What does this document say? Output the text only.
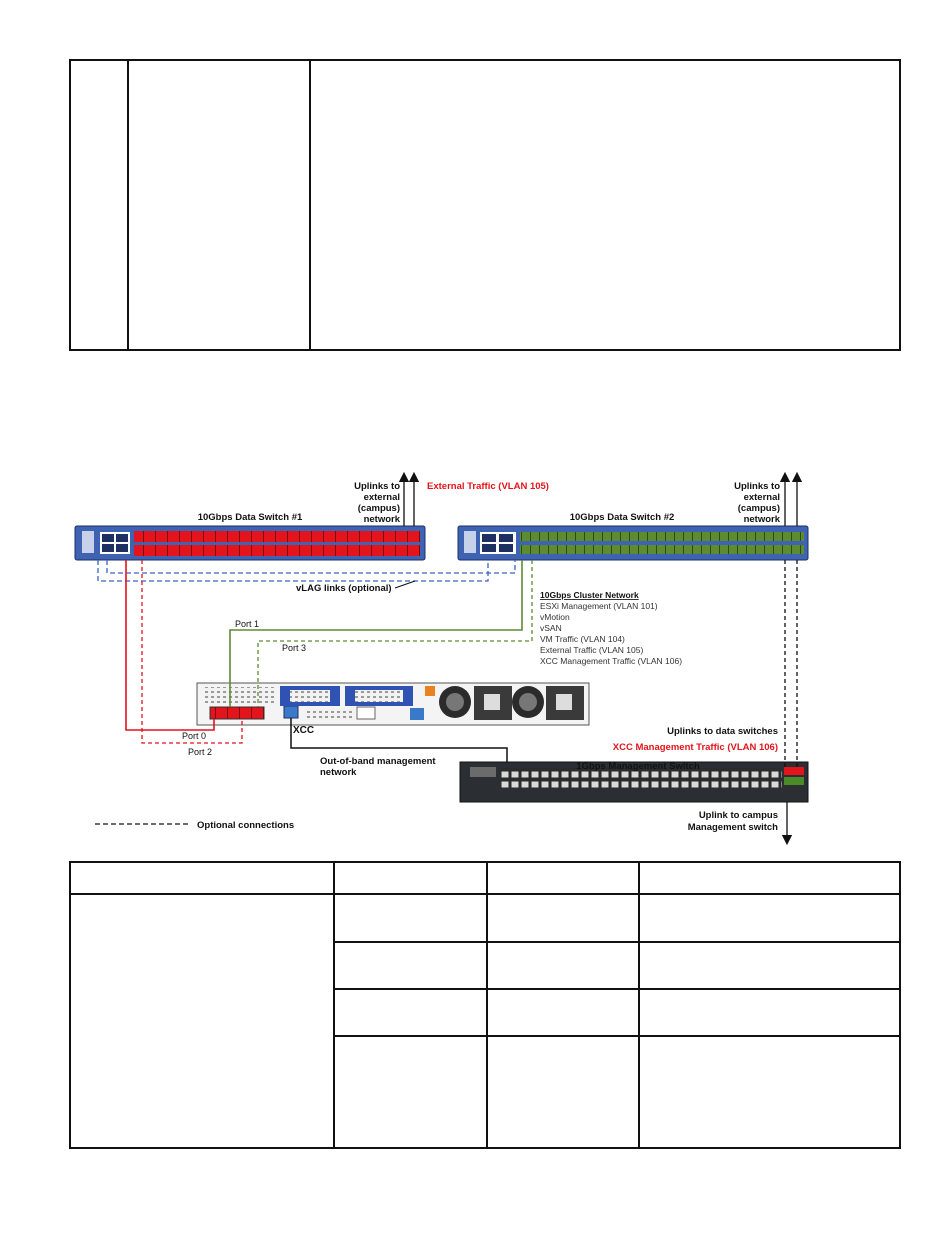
Uplinks to
external
(campus)
network
Uplinks to
external
(campus)
network
10Gbps Data Switch #1	10Gbps Data Switch #2
External Traffic (VLAN 105)
vLAG links (optional)
1Gbps Management Switch
XCC
Out-of-band management
network
Uplinks to data switches
XCC Management Traffic (VLAN 106)
Uplink to campus
Management switch
Optional connections
Port 1
Port 3
Port 0
Port 2
10Gbps Cluster Network
ESXi Management (VLAN 101)
vMotion
vSAN
VM Traffic (VLAN 104)
External Traffic (VLAN 105)
XCC Management Traffic (VLAN 106)
